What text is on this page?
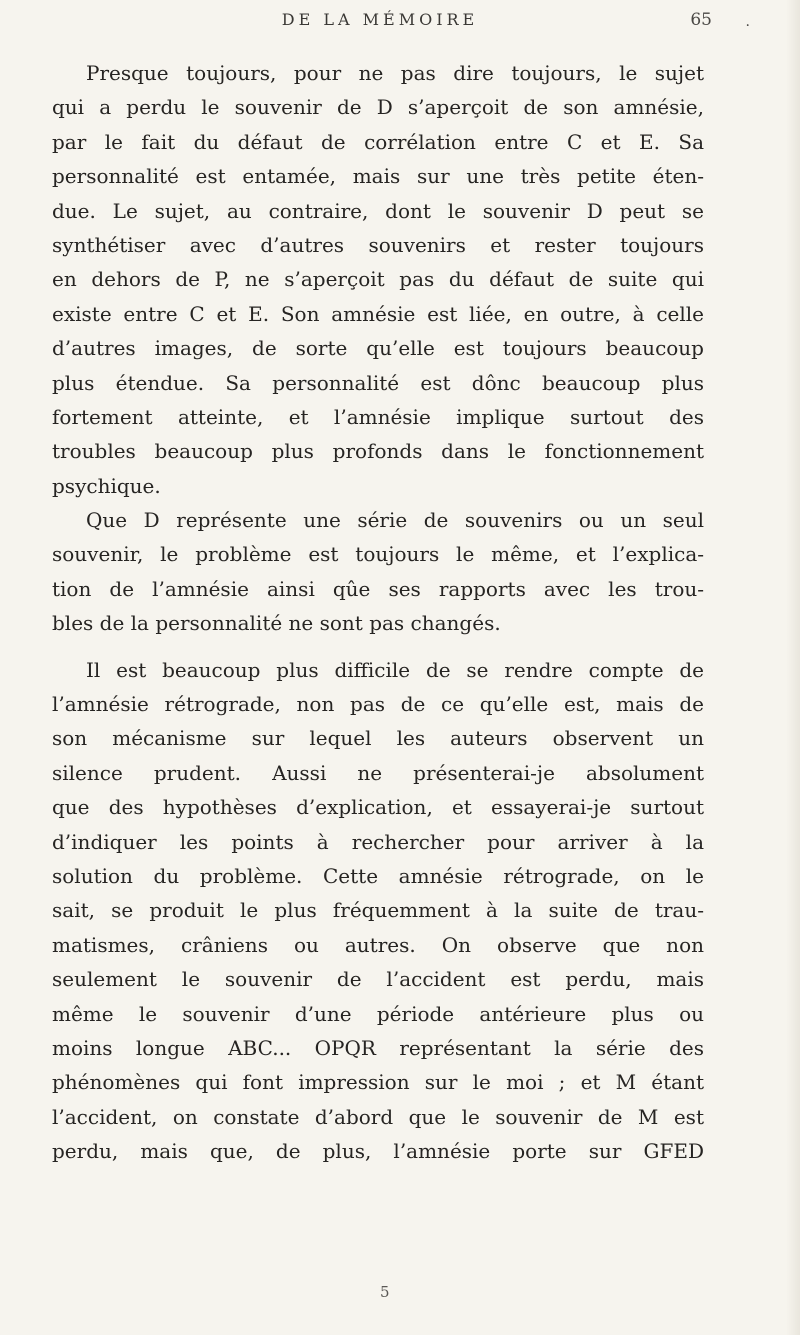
DE LA MÉMOIRE	65 .
Presque toujours, pour ne pas dire toujours, le sujet
qui a perdu le souvenir de D s’aperçoit de son amnésie,
par le fait du défaut de corrélation entre C et E. Sa
personnalité est entamée, mais sur une très petite éten-
due. Le sujet, au contraire, dont le souvenir D peut se
synthétiser avec d’autres souvenirs et rester toujours
en dehors de P, ne s’aperçoit pas du défaut de suite qui
existe entre C et E. Son amnésie est liée, en outre, à celle
d’autres images, de sorte qu’elle est toujours beaucoup
plus étendue. Sa personnalité est dônc beaucoup plus
fortement atteinte, et l’amnésie implique surtout des
troubles beaucoup plus profonds dans le fonctionnement
psychique.
Que D représente une série de souvenirs ou un seul
souvenir, le problème est toujours le même, et l’explica-
tion de l’amnésie ainsi qûe ses rapports avec les trou-
bles de la personnalité ne sont pas changés.
Il est beaucoup plus difficile de se rendre compte de
l’amnésie rétrograde, non pas de ce qu’elle est, mais de
son mécanisme sur lequel les auteurs observent un
silence prudent. Aussi ne présenterai-je absolument
que des hypothèses d’explication, et essayerai-je surtout
d’indiquer les points à rechercher pour arriver à la
solution du problème. Cette amnésie rétrograde, on le
sait, se produit le plus fréquemment à la suite de trau-
matismes, crâniens ou autres. On observe que non
seulement le souvenir de l’accident est perdu, mais
même le souvenir d’une période antérieure plus ou
moins longue ABC... OPQR représentant la série des
phénomènes qui font impression sur le moi ; et M étant
l’accident, on constate d’abord que le souvenir de M est
perdu, mais que, de plus, l’amnésie porte sur GFED
5
